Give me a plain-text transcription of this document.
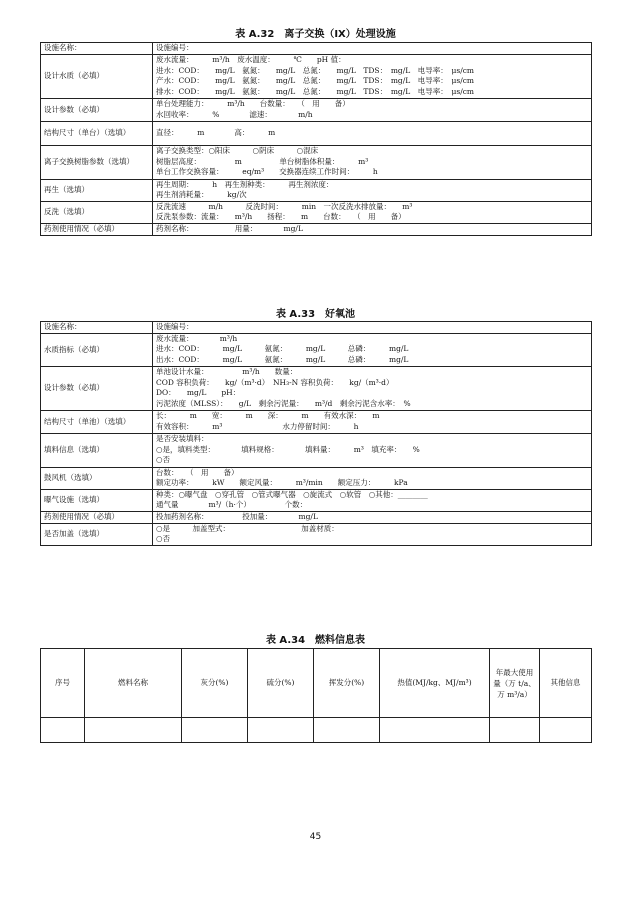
表 A.32　离子交换（IX）处理设施
设施名称：	设施编号：

设计水质（必填）	废水流量：　　　m³/h　废水温度：　　　℃　　pH 值：
进水：COD：　　mg/L　氨氮：　　mg/L　总氮：　　mg/L　TDS：　mg/L　电导率：　μs/cm
产水：COD：　　mg/L　氨氮：　　mg/L　总氮：　　mg/L　TDS：　mg/L　电导率：　μs/cm
排水：COD：　　mg/L　氨氮：　　mg/L　总氮：　　mg/L　TDS：　mg/L　电导率：　μs/cm

设计参数（必填）	单台处理能力：　　　m³/h　　台数量：　　（　用　　备）
水回收率：　　　%　　　　滤速：　　　　m/h

结构尺寸（单台）（选填）	直径：　　　m　　　　高：　　　m

离子交换树脂参数（选填）	离子交换类型：○阳床　　　○阴床　　　○混床
树脂层高度：　　　　　m　　　　　单台树脂体积量：　　　m³
单台工作交换容量：　　　eq/m³　　交换器连续工作时间：　　　h

再生（选填）	再生周期：　　　h　再生剂种类：　　　再生剂浓度：
再生剂消耗量：　　　kg/次

反洗（选填）	反洗流速　　　m/h　　　反洗时间：　　　min　一次反洗水排放量：　　m³
反洗泵参数：流量：　　m³/h　　扬程：　　m　　台数：　　（　用　　备）

药剂使用情况（必填）	药剂名称：　　　　　　用量：　　　　mg/L
表 A.33　好氧池
设施名称：	设施编号：

水质指标（必填）	废水流量：　　　　m³/h
进水：COD：　　　mg/L　　　氨氮：　　　mg/L　　　总磷：　　　mg/L
出水：COD：　　　mg/L　　　氨氮：　　　mg/L　　　总磷：　　　mg/L

设计参数（必填）	单池设计水量：　　　　　m³/h　　数量：
COD 容积负荷：　　kg/（m³·d）　NH₃-N 容积负荷：　　kg/（m³·d）
DO：　　mg/L　　pH：
污泥浓度（MLSS）：　　g/L　剩余污泥量：　　m³/d　剩余污泥含水率：　%

结构尺寸（单池）（选填）	长：　　　m　　宽：　　　m　　深：　　　m　　有效水深：　　m
有效容积：　　　m³　　　　　　　　水力停留时间：　　　h

填料信息（选填）	是否安装填料：
○是，填料类型：　　　　填料规格：　　　　填料量：　　　m³　填充率：　　%
○否

鼓风机（选填）	台数：　　（　用　　备）
额定功率：　　　kW　　额定风量：　　　m³/min　　额定压力：　　　kPa

曝气设施（选填）	种类：○曝气盘　○穿孔管　○管式曝气器　○旋流式　○软管　○其他：________
通气量　　　　m³/（h·个）　　　　　个数：

药剂使用情况（必填）	投加药剂名称：　　　　　投加量：　　　　mg/L

是否加盖（选填）	○是　　　加盖型式：　　　　　　　　　　加盖材质：
○否
表 A.34　燃料信息表
序号	燃料名称	灰分(%)	硫分(%)	挥发分(%)	热值(MJ/kg、MJ/m³)	年最大使用量（万 t/a、万 m³/a）	其他信息

45
